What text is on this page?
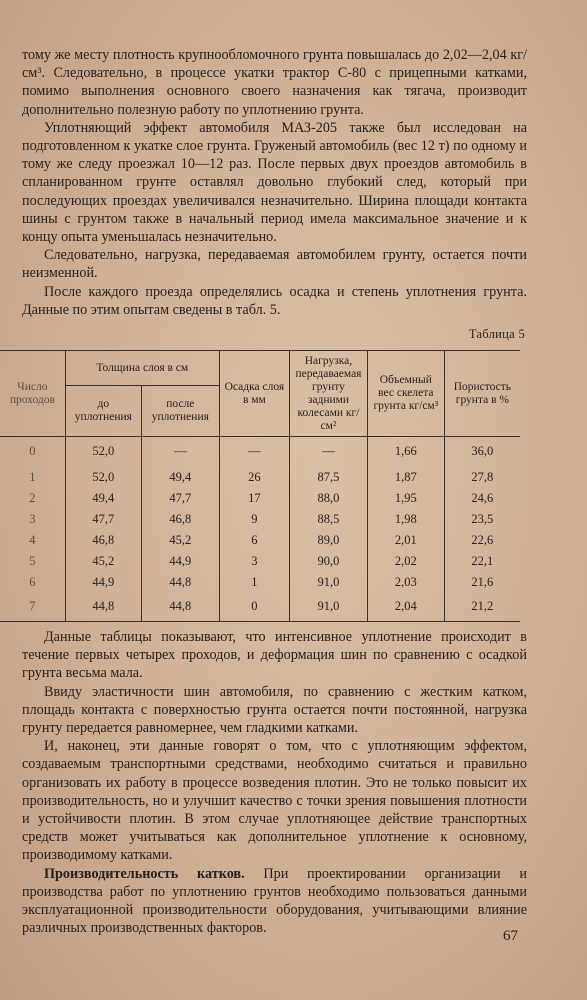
тому же месту плотность крупнообломочного грунта повышалась до 2,02—2,04 кг/см³. Следовательно, в процессе укатки трактор С-80 с прицепными катками, помимо выполнения основного своего назначения как тягача, производит дополнительно полезную работу по уплотнению грунта.

Уплотняющий эффект автомобиля МАЗ-205 также был исследован на подготовленном к укатке слое грунта. Груженый автомобиль (вес 12 т) по одному и тому же следу проезжал 10—12 раз. После первых двух проездов автомобиль в спланированном грунте оставлял довольно глубокий след, который при последующих проездах увеличивался незначительно. Ширина площади контакта шины с грунтом также в начальный период имела максимальное значение и к концу опыта уменьшалась незначительно.

Следовательно, нагрузка, передаваемая автомобилем грунту, остается почти неизменной.

После каждого проезда определялись осадка и степень уплотнения грунта. Данные по этим опытам сведены в табл. 5.

Таблица 5
Число проходов	Толщина слоя в см		Осадка слоя в мм	Нагрузка, передаваемая грунту задними колесами кг/см²	Объемный вес скелета грунта кг/см³	Пористость грунта в %
	до уплотнения	после уплотнения				
0	52,0	—	—	—	1,66	36,0
1	52,0	49,4	26	87,5	1,87	27,8
2	49,4	47,7	17	88,0	1,95	24,6
3	47,7	46,8	9	88,5	1,98	23,5
4	46,8	45,2	6	89,0	2,01	22,6
5	45,2	44,9	3	90,0	2,02	22,1
6	44,9	44,8	1	91,0	2,03	21,6
7	44,8	44,8	0	91,0	2,04	21,2

Данные таблицы показывают, что интенсивное уплотнение происходит в течение первых четырех проходов, и деформация шин по сравнению с осадкой грунта весьма мала.

Ввиду эластичности шин автомобиля, по сравнению с жестким катком, площадь контакта с поверхностью грунта остается почти постоянной, нагрузка грунту передается равномернее, чем гладкими катками.

И, наконец, эти данные говорят о том, что с уплотняющим эффектом, создаваемым транспортными средствами, необходимо считаться и правильно организовать их работу в процессе возведения плотин. Это не только повысит их производительность, но и улучшит качество с точки зрения повышения плотности и устойчивости плотин. В этом случае уплотняющее действие транспортных средств может учитываться как дополнительное уплотнение к основному, производимому катками.

Производительность катков. При проектировании организации и производства работ по уплотнению грунтов необходимо пользоваться данными эксплуатационной производительности оборудования, учитывающими влияние различных производственных факторов.	67
